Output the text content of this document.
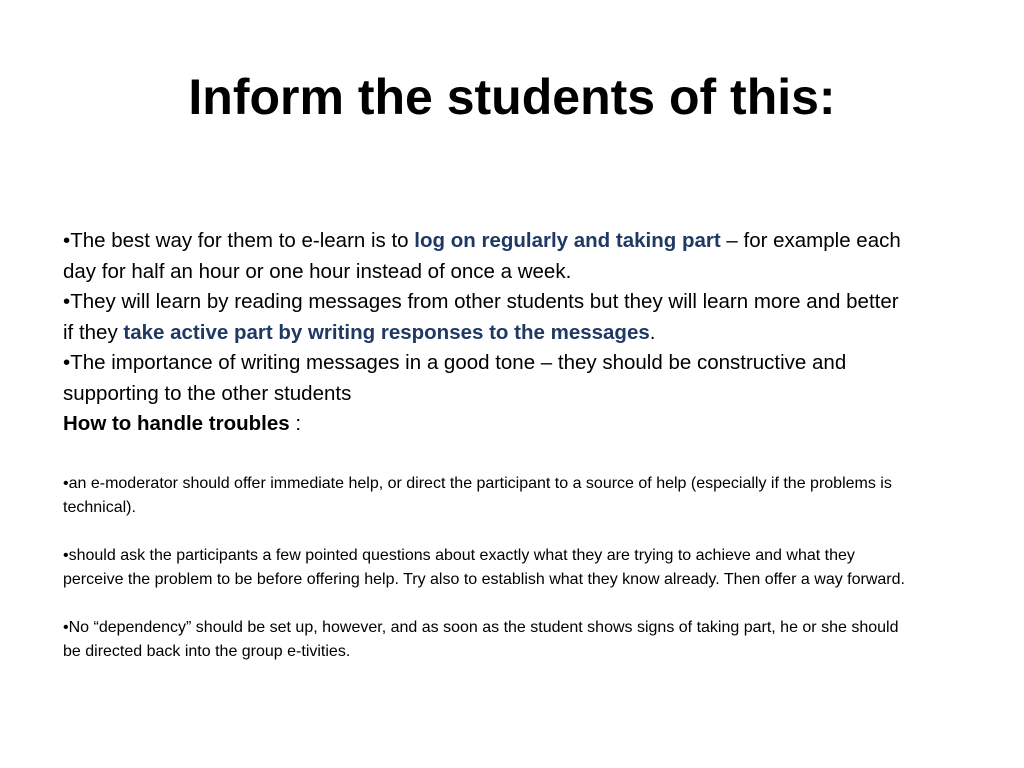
Inform the students of this:

•The best way for them to e-learn is to log on regularly and taking part – for example each day for half an hour or one hour instead of once a week.

•They will learn by reading messages from other students but they will learn more and better if they take active part by writing responses to the messages.

•The importance of writing messages in a good tone – they should be constructive and supporting to the other students

How to handle troubles :

•an e-moderator should offer immediate help, or direct the participant to a source of help (especially if the problems is technical).

•should ask the participants a few pointed questions about exactly what they are trying to achieve and what they perceive the problem to be before offering help. Try also to establish what they know already. Then offer a way forward.

•No “dependency” should be set up, however, and as soon as the student shows signs of taking part, he or she should be directed back into the group e-tivities.
